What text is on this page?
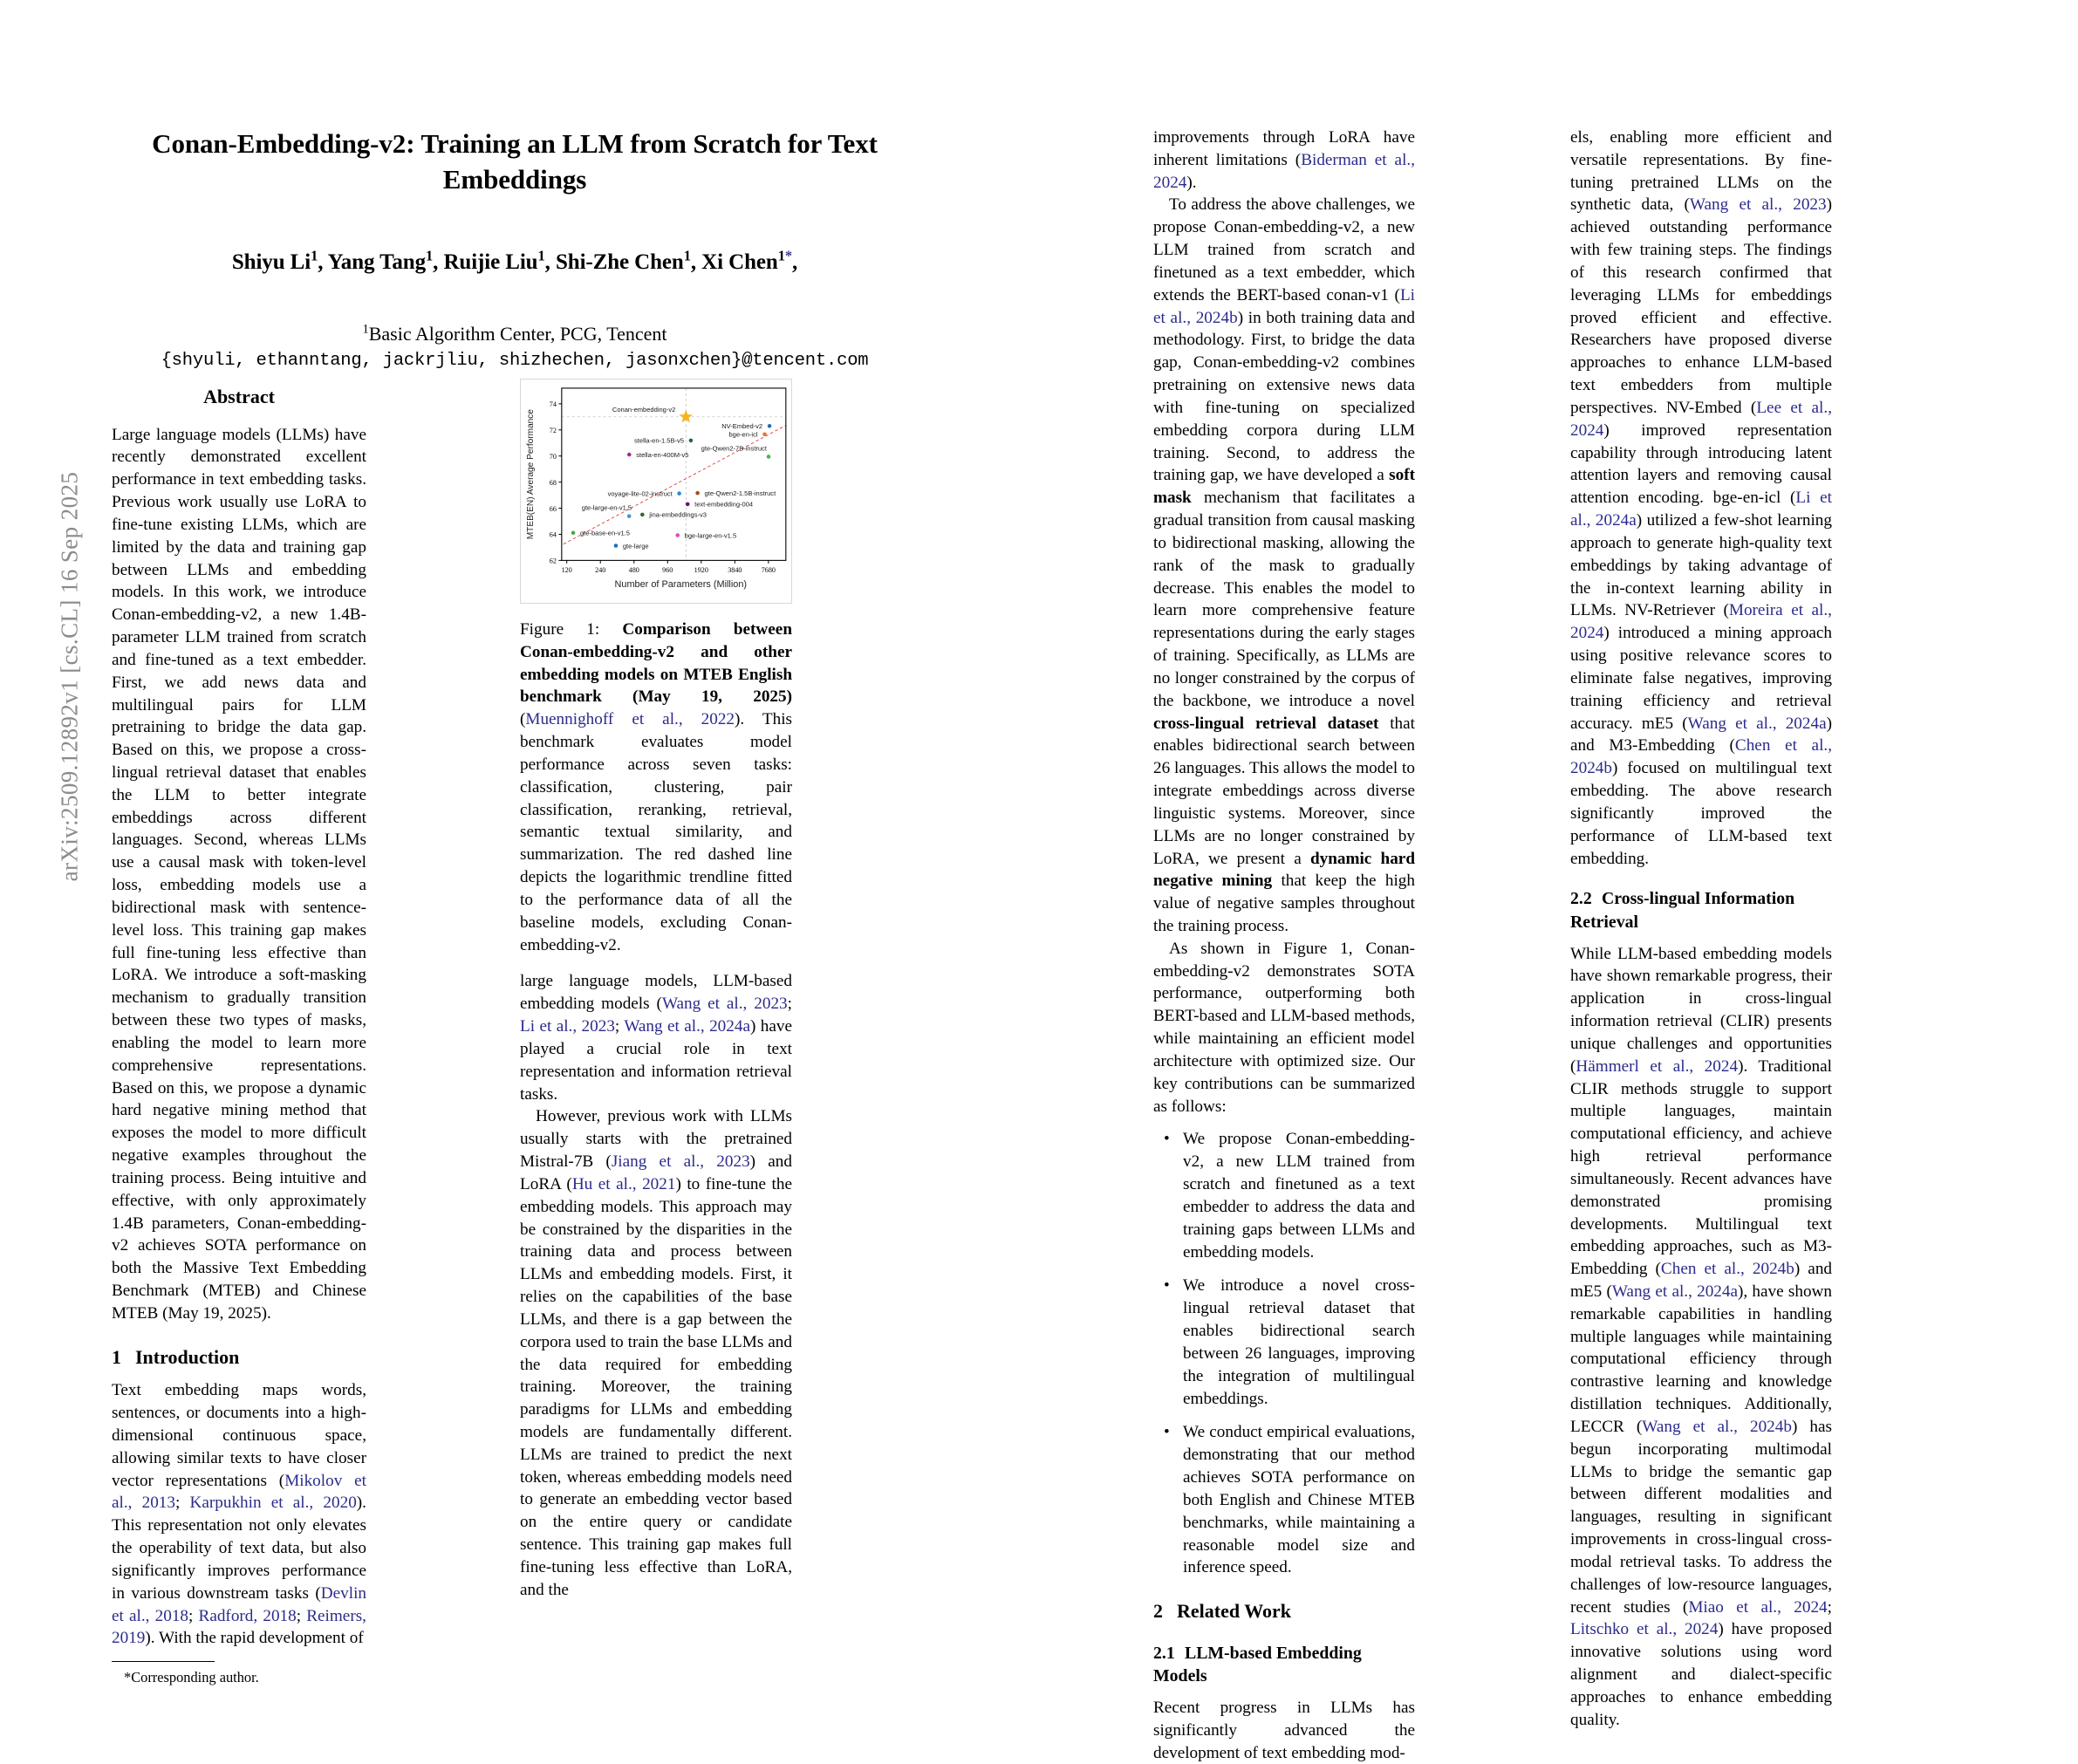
arXiv:2509.12892v1 [cs.CL] 16 Sep 2025
Conan-Embedding-v2: Training an LLM from Scratch for Text Embeddings
Shiyu Li$^1$, Yang Tang$^1$, Ruijie Liu$^1$, Shi-Zhe Chen$^1$, Xi Chen$^{1*}$,
$^1$Basic Algorithm Center, PCG, Tencent
{shyuli, ethanntang, jackrjliu, shizhechen, jasonxchen}@tencent.com
Abstract

Large language models (LLMs) have recently demonstrated excellent performance in text embedding tasks. Previous work usually use LoRA to fine-tune existing LLMs, which are limited by the data and training gap between LLMs and embedding models. In this work, we introduce Conan-embedding-v2, a new 1.4B-parameter LLM trained from scratch and fine-tuned as a text embedder. First, we add news data and multilingual pairs for LLM pretraining to bridge the data gap. Based on this, we propose a cross-lingual retrieval dataset that enables the LLM to better integrate embeddings across different languages. Second, whereas LLMs use a causal mask with token-level loss, embedding models use a bidirectional mask with sentence-level loss. This training gap makes full fine-tuning less effective than LoRA. We introduce a soft-masking mechanism to gradually transition between these two types of masks, enabling the model to learn more comprehensive representations. Based on this, we propose a dynamic hard negative mining method that exposes the model to more difficult negative examples throughout the training process. Being intuitive and effective, with only approximately 1.4B parameters, Conan-embedding-v2 achieves SOTA performance on both the Massive Text Embedding Benchmark (MTEB) and Chinese MTEB (May 19, 2025).

1 Introduction

Text embedding maps words, sentences, or documents into a high-dimensional continuous space, allowing similar texts to have closer vector representations (Mikolov et al., 2013; Karpukhin et al., 2020). This representation not only elevates the operability of text data, but also significantly improves performance in various downstream tasks (Devlin et al., 2018; Radford, 2018; Reimers, 2019). With the rapid development of

*Corresponding author.
62
64
66
68
70
72
74
120	240	480	960	1920	3840	7680
Number of Parameters (Million)
MTEB(EN) Average Performance	Conan-embedding-v2
NV-Embed-v2
bge-en-icl
stella-en-1.5B-v5
stella-en-400M-v5
gte-Qwen2-7B-instruct
voyage-lite-02-instruct	gte-Qwen2-1.5B-instruct
text-embedding-004
jina-embeddings-v3
gte-large-en-v1.5
gte-base-en-v1.5	bge-large-en-v1.5
gte-large
Figure 1: Comparison between Conan-embedding-v2 and other embedding models on MTEB English benchmark (May 19, 2025) (Muennighoff et al., 2022). This benchmark evaluates model performance across seven tasks: classification, clustering, pair classification, reranking, retrieval, semantic textual similarity, and summarization. The red dashed line depicts the logarithmic trendline fitted to the performance data of all the baseline models, excluding Conan-embedding-v2.

large language models, LLM-based embedding models (Wang et al., 2023; Li et al., 2023; Wang et al., 2024a) have played a crucial role in text representation and information retrieval tasks.

However, previous work with LLMs usually starts with the pretrained Mistral-7B (Jiang et al., 2023) and LoRA (Hu et al., 2021) to fine-tune the embedding models. This approach may be constrained by the disparities in the training data and process between LLMs and embedding models. First, it relies on the capabilities of the base LLMs, and there is a gap between the corpora used to train the base LLMs and the data required for embedding training. Moreover, the training paradigms for LLMs and embedding models are fundamentally different. LLMs are trained to predict the next token, whereas embedding models need to generate an embedding vector based on the entire query or candidate sentence. This training gap makes full fine-tuning less effective than LoRA, and the

improvements through LoRA have inherent limitations (Biderman et al., 2024).

To address the above challenges, we propose Conan-embedding-v2, a new LLM trained from scratch and finetuned as a text embedder, which extends the BERT-based conan-v1 (Li et al., 2024b) in both training data and methodology. First, to bridge the data gap, Conan-embedding-v2 combines pretraining on extensive news data with fine-tuning on specialized embedding corpora during LLM training. Second, to address the training gap, we have developed a soft mask mechanism that facilitates a gradual transition from causal masking to bidirectional masking, allowing the rank of the mask to gradually decrease. This enables the model to learn more comprehensive feature representations during the early stages of training. Specifically, as LLMs are no longer constrained by the corpus of the backbone, we introduce a novel cross-lingual retrieval dataset that enables bidirectional search between 26 languages. This allows the model to integrate embeddings across diverse linguistic systems. Moreover, since LLMs are no longer constrained by LoRA, we present a dynamic hard negative mining that keep the high value of negative samples throughout the training process.

As shown in Figure 1, Conan-embedding-v2 demonstrates SOTA performance, outperforming both BERT-based and LLM-based methods, while maintaining an efficient model architecture with optimized size. Our key contributions can be summarized as follows:

• We propose Conan-embedding-v2, a new LLM trained from scratch and finetuned as a text embedder to address the data and training gaps between LLMs and embedding models.
• We introduce a novel cross-lingual retrieval dataset that enables bidirectional search between 26 languages, improving the integration of multilingual embeddings.
• We conduct empirical evaluations, demonstrating that our method achieves SOTA performance on both English and Chinese MTEB benchmarks, while maintaining a reasonable model size and inference speed.
2 Related Work
2.1 LLM-based Embedding Models

Recent progress in LLMs has significantly advanced the development of text embedding mod-

els, enabling more efficient and versatile representations. By fine-tuning pretrained LLMs on the synthetic data, (Wang et al., 2023) achieved outstanding performance with few training steps. The findings of this research confirmed that leveraging LLMs for embeddings proved efficient and effective. Researchers have proposed diverse approaches to enhance LLM-based text embedders from multiple perspectives. NV-Embed (Lee et al., 2024) improved representation capability through introducing latent attention layers and removing causal attention encoding. bge-en-icl (Li et al., 2024a) utilized a few-shot learning approach to generate high-quality text embeddings by taking advantage of the in-context learning ability in LLMs. NV-Retriever (Moreira et al., 2024) introduced a mining approach using positive relevance scores to eliminate false negatives, improving training efficiency and retrieval accuracy. mE5 (Wang et al., 2024a) and M3-Embedding (Chen et al., 2024b) focused on multilingual text embedding. The above research significantly improved the performance of LLM-based text embedding.

2.2 Cross-lingual Information Retrieval

While LLM-based embedding models have shown remarkable progress, their application in cross-lingual information retrieval (CLIR) presents unique challenges and opportunities (Hämmerl et al., 2024). Traditional CLIR methods struggle to support multiple languages, maintain computational efficiency, and achieve high retrieval performance simultaneously. Recent advances have demonstrated promising developments. Multilingual text embedding approaches, such as M3-Embedding (Chen et al., 2024b) and mE5 (Wang et al., 2024a), have shown remarkable capabilities in handling multiple languages while maintaining computational efficiency through contrastive learning and knowledge distillation techniques. Additionally, LECCR (Wang et al., 2024b) has begun incorporating multimodal LLMs to bridge the semantic gap between different modalities and languages, resulting in significant improvements in cross-lingual cross-modal retrieval tasks. To address the challenges of low-resource languages, recent studies (Miao et al., 2024; Litschko et al., 2024) have proposed innovative solutions using word alignment and dialect-specific approaches to enhance embedding quality.
